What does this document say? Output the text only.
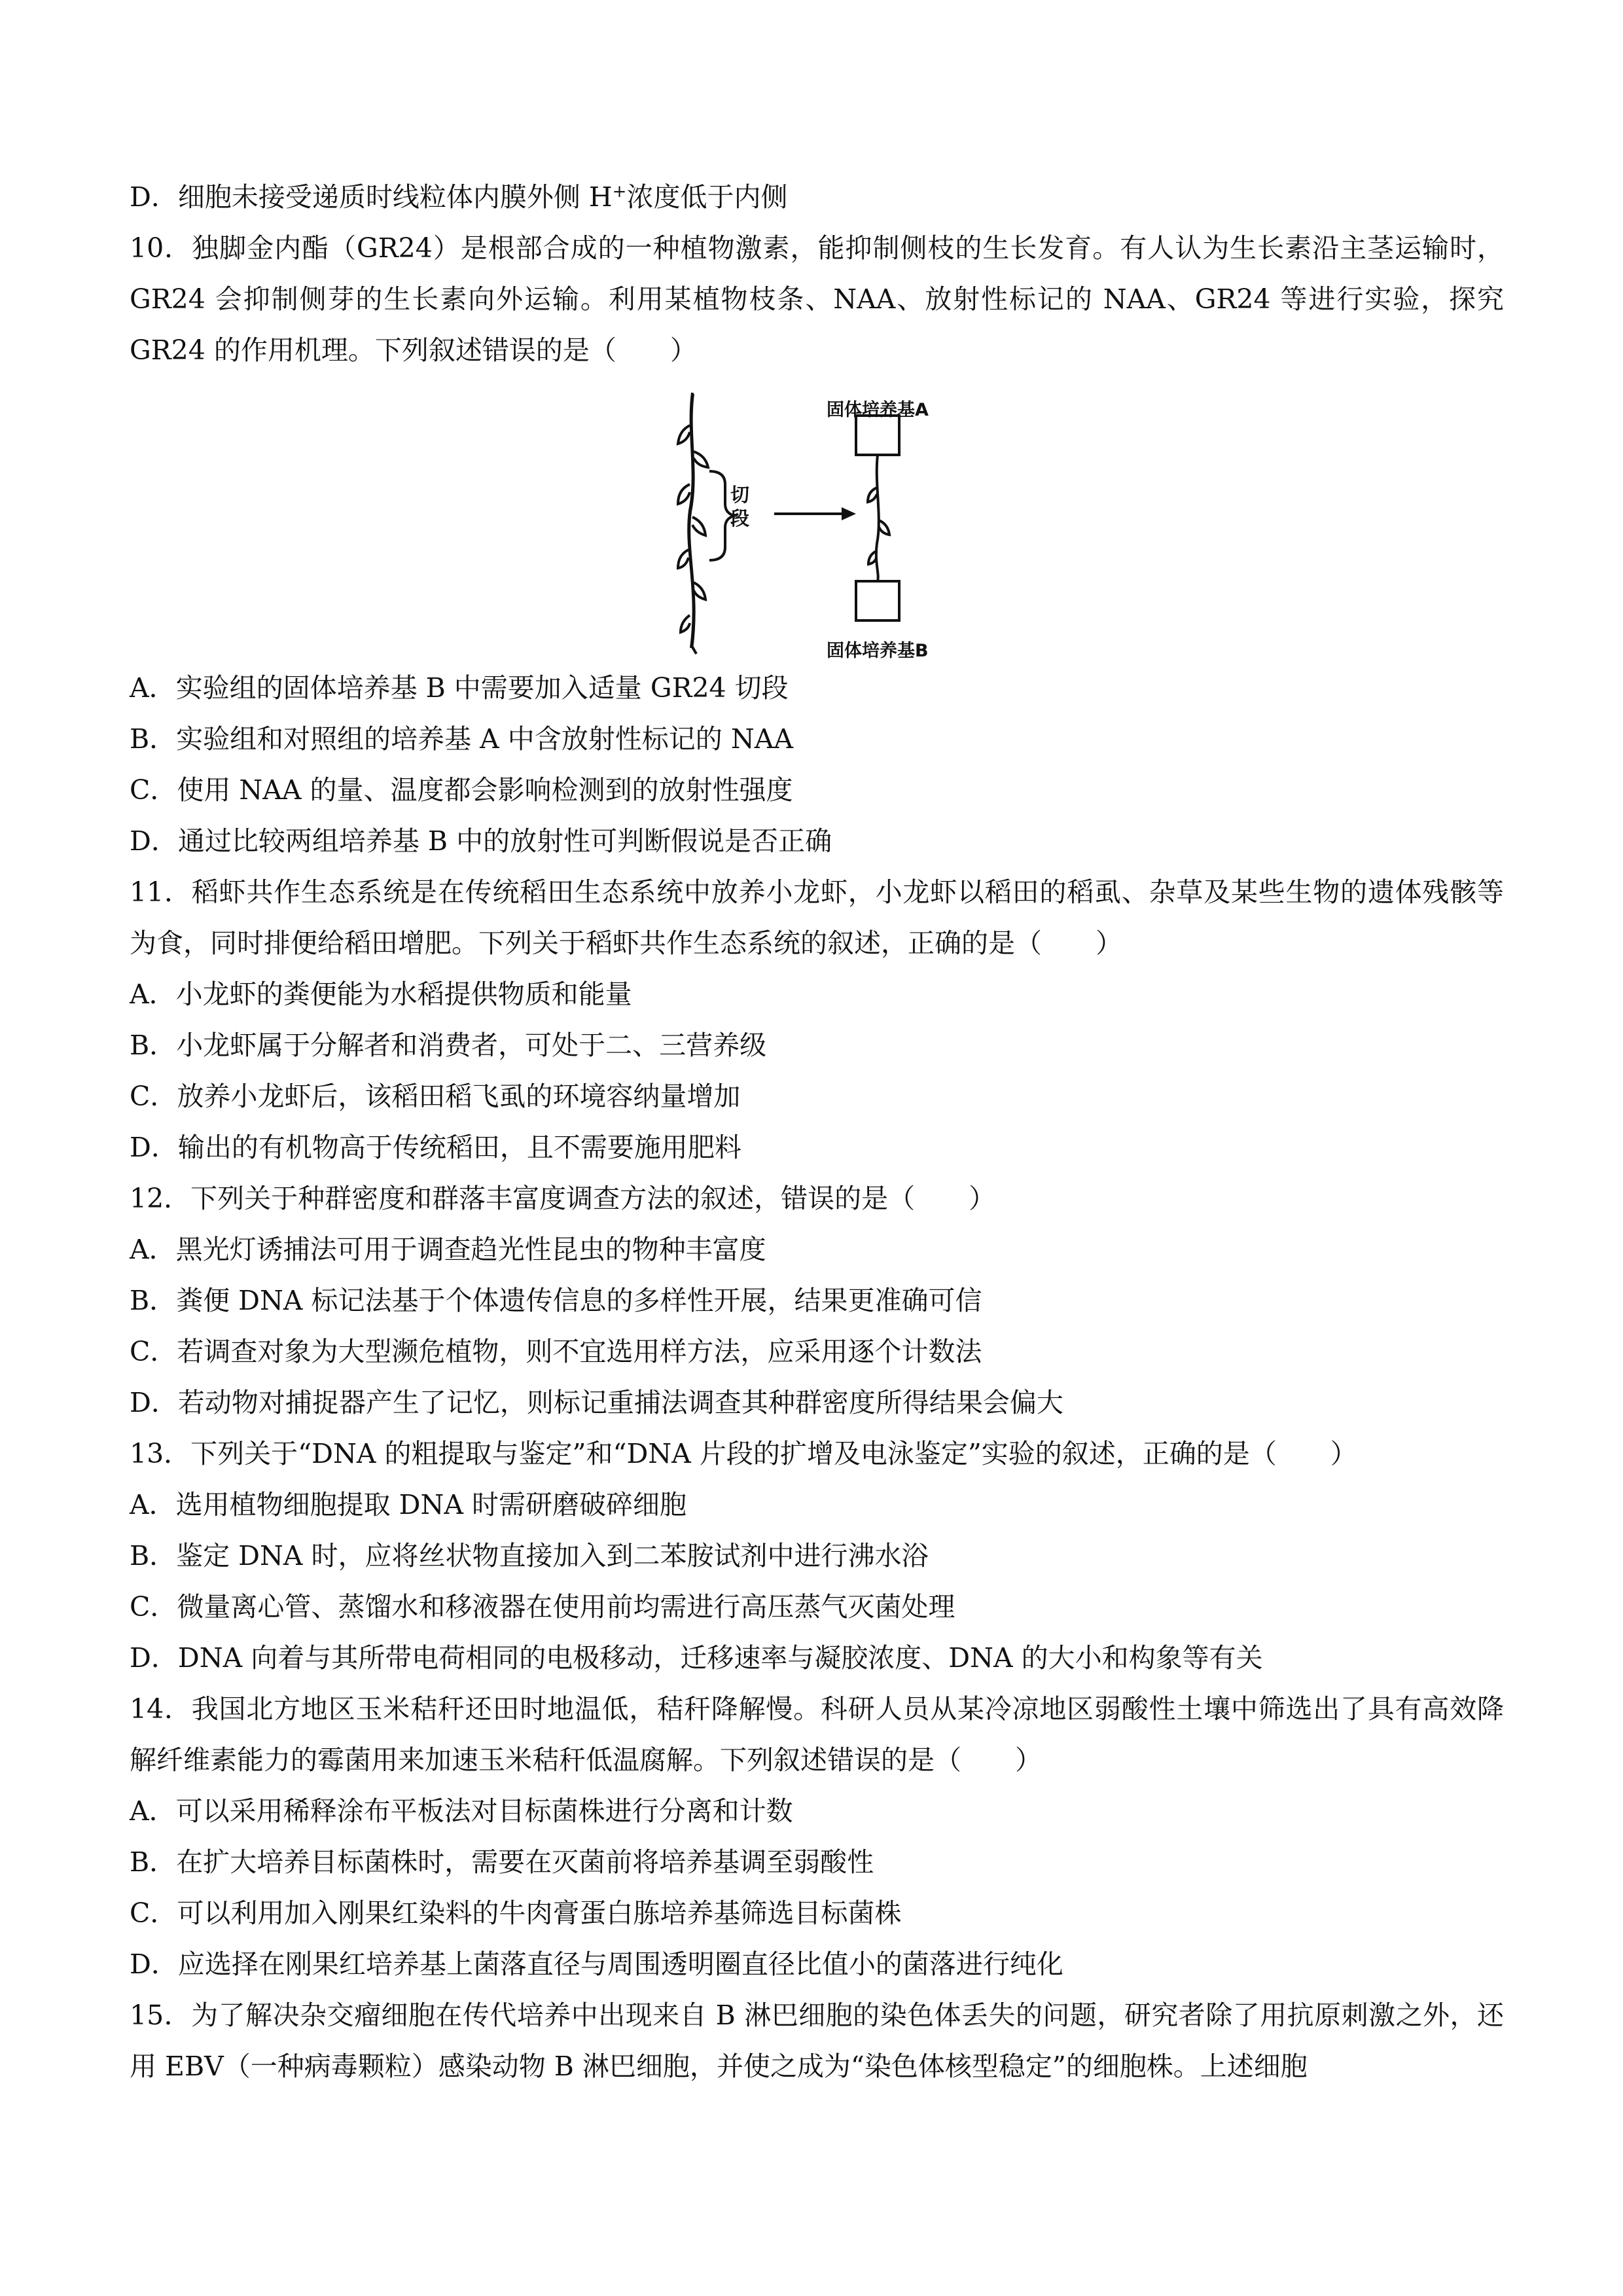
D．细胞未接受递质时线粒体内膜外侧 H+浓度低于内侧
10．独脚金内酯（GR24）是根部合成的一种植物激素，能抑制侧枝的生长发育。有人认为生长素沿主茎运输时，GR24 会抑制侧芽的生长素向外运输。利用某植物枝条、NAA、放射性标记的 NAA、GR24 等进行实验，探究 GR24 的作用机理。下列叙述错误的是（　　）
固体培养基A
固体培养基B
切段
A．实验组的固体培养基 B 中需要加入适量 GR24 切段
B．实验组和对照组的培养基 A 中含放射性标记的 NAA
C．使用 NAA 的量、温度都会影响检测到的放射性强度
D．通过比较两组培养基 B 中的放射性可判断假说是否正确
11．稻虾共作生态系统是在传统稻田生态系统中放养小龙虾，小龙虾以稻田的稻虱、杂草及某些生物的遗体残骸等为食，同时排便给稻田增肥。下列关于稻虾共作生态系统的叙述，正确的是（　　）
A．小龙虾的粪便能为水稻提供物质和能量
B．小龙虾属于分解者和消费者，可处于二、三营养级
C．放养小龙虾后，该稻田稻飞虱的环境容纳量增加
D．输出的有机物高于传统稻田，且不需要施用肥料
12．下列关于种群密度和群落丰富度调查方法的叙述，错误的是（　　）
A．黑光灯诱捕法可用于调查趋光性昆虫的物种丰富度
B．粪便 DNA 标记法基于个体遗传信息的多样性开展，结果更准确可信
C．若调查对象为大型濒危植物，则不宜选用样方法，应采用逐个计数法
D．若动物对捕捉器产生了记忆，则标记重捕法调查其种群密度所得结果会偏大
13．下列关于“DNA 的粗提取与鉴定”和“DNA 片段的扩增及电泳鉴定”实验的叙述，正确的是（　　）
A．选用植物细胞提取 DNA 时需研磨破碎细胞
B．鉴定 DNA 时，应将丝状物直接加入到二苯胺试剂中进行沸水浴
C．微量离心管、蒸馏水和移液器在使用前均需进行高压蒸气灭菌处理
D．DNA 向着与其所带电荷相同的电极移动，迁移速率与凝胶浓度、DNA 的大小和构象等有关
14．我国北方地区玉米秸秆还田时地温低，秸秆降解慢。科研人员从某冷凉地区弱酸性土壤中筛选出了具有高效降解纤维素能力的霉菌用来加速玉米秸秆低温腐解。下列叙述错误的是（　　）
A．可以采用稀释涂布平板法对目标菌株进行分离和计数
B．在扩大培养目标菌株时，需要在灭菌前将培养基调至弱酸性
C．可以利用加入刚果红染料的牛肉膏蛋白胨培养基筛选目标菌株
D．应选择在刚果红培养基上菌落直径与周围透明圈直径比值小的菌落进行纯化
15．为了解决杂交瘤细胞在传代培养中出现来自 B 淋巴细胞的染色体丢失的问题，研究者除了用抗原刺激之外，还用 EBV（一种病毒颗粒）感染动物 B 淋巴细胞，并使之成为“染色体核型稳定”的细胞株。上述细胞
